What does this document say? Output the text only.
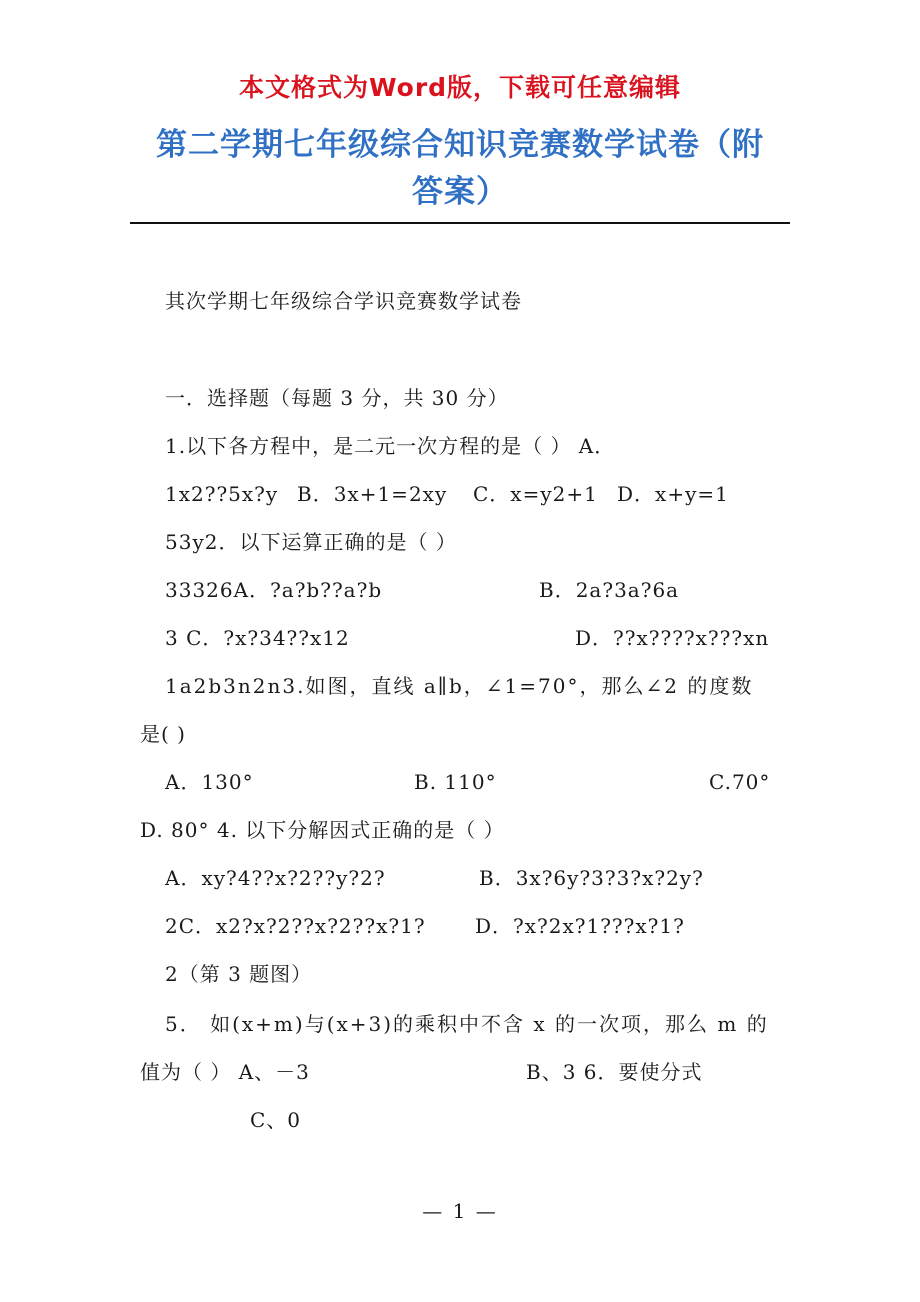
本文格式为Word版，下载可任意编辑
第二学期七年级综合知识竞赛数学试卷（附
答案）
其次学期七年级综合学识竞赛数学试卷
一．选择题（每题 3 分，共 30 分）
1.以下各方程中，是二元一次方程的是（ ） A．
1x2??5x?y B．3x+1=2xy C．x=y2+1 D．x+y=1
53y2．以下运算正确的是（ ）
33326A．?a?b??a?b	B．2a?3a?6a
3 C．?x?34??x12	D．??x????x???xn
1a2b3n2n3.如图，直线 a∥b，∠1=70°，那么∠2 的度数
是( )
A．130°	B. 110°	C.70°
D. 80° 4. 以下分解因式正确的是（ ）
A．xy?4??x?2??y?2?	B．3x?6y?3?3?x?2y?
2C．x2?x?2??x?2??x?1? D．?x?2x?1???x?1?
2（第 3 题图）
5． 如(x+m)与(x+3)的乘积中不含 x 的一次项，那么 m 的
值为（ ） A、－3	B、3 6．要使分式
C、0
— 1 —
